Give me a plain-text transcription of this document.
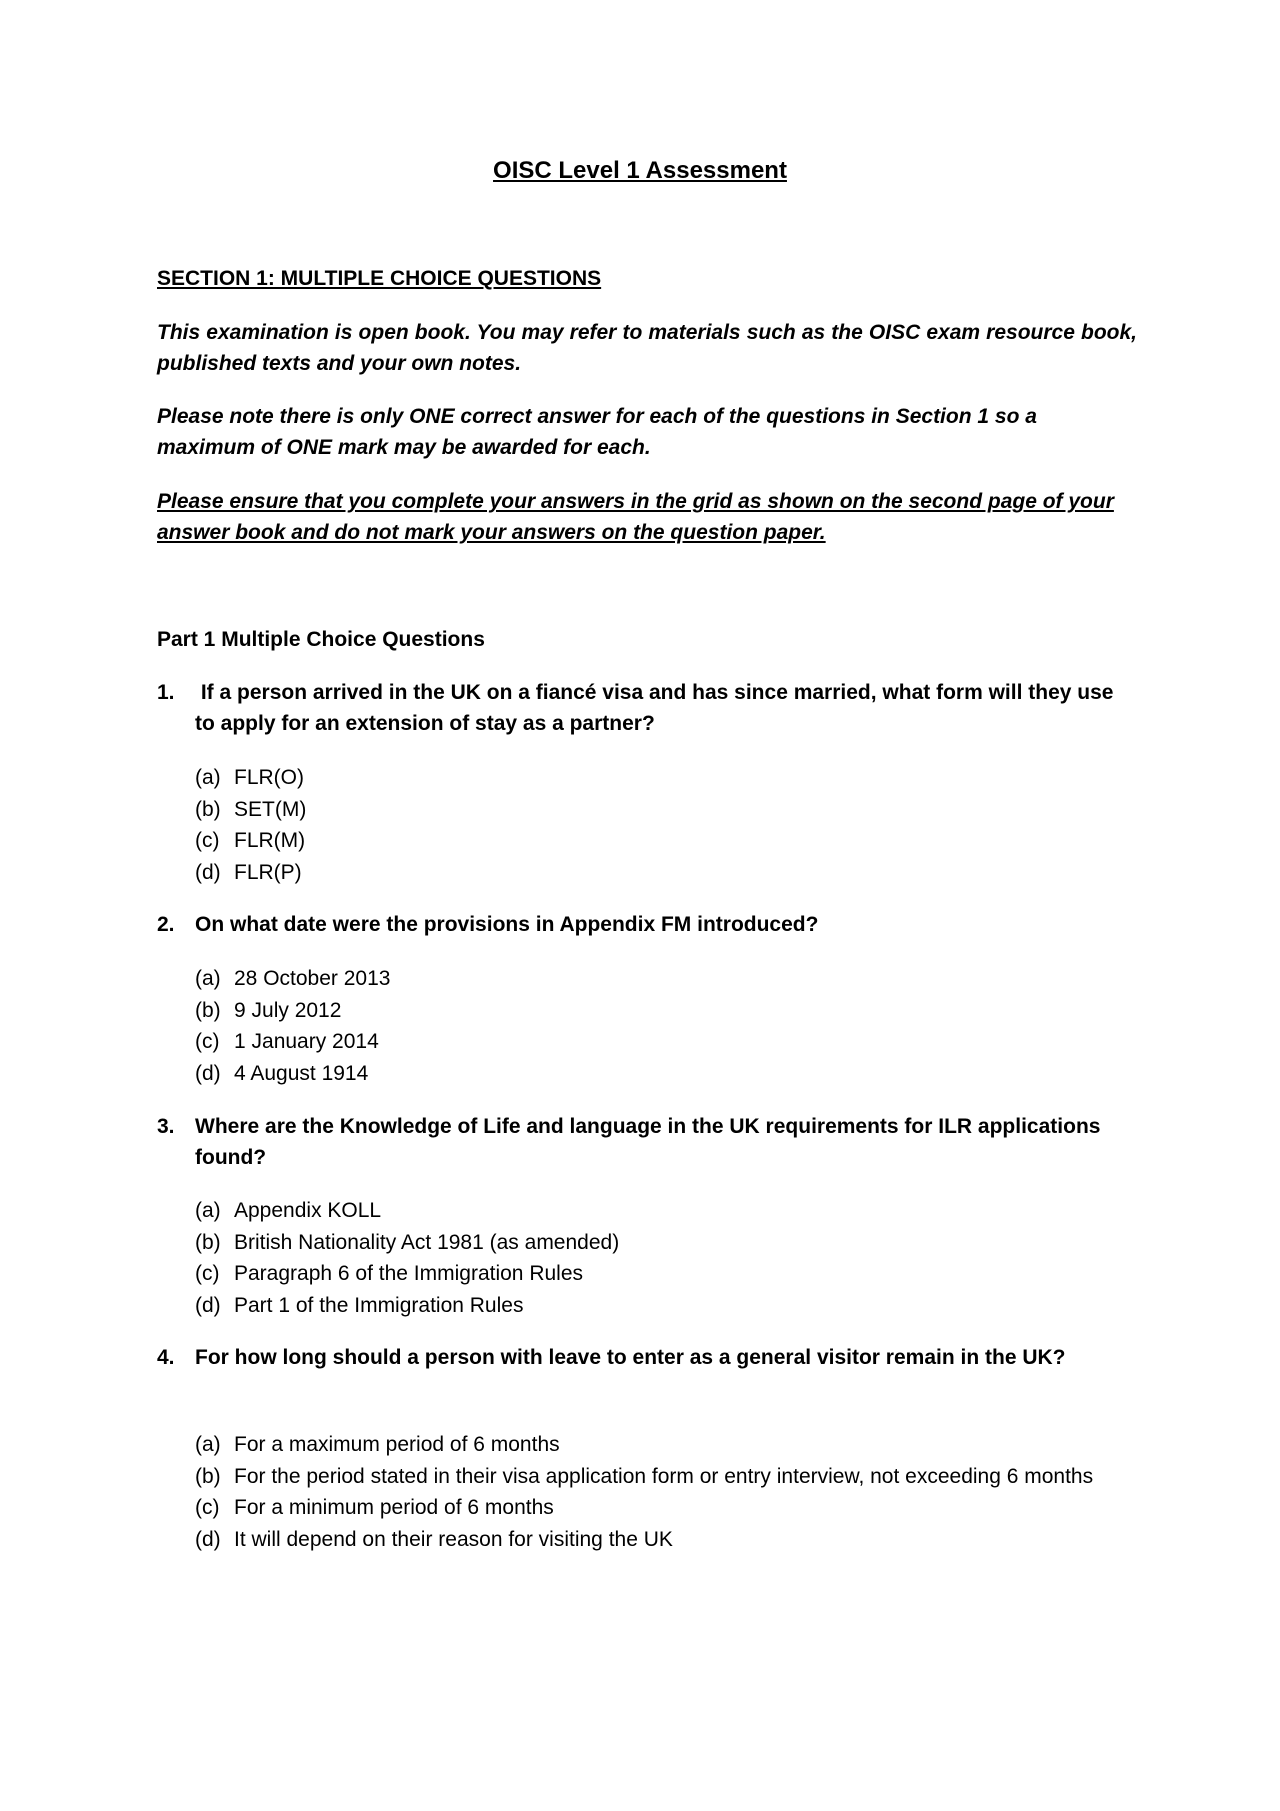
OISC Level 1 Assessment
SECTION 1: MULTIPLE CHOICE QUESTIONS
This examination is open book. You may refer to materials such as the OISC exam resource book, published texts and your own notes.
Please note there is only ONE correct answer for each of the questions in Section 1 so a maximum of ONE mark may be awarded for each.
Please ensure that you complete your answers in the grid as shown on the second page of your answer book and do not mark your answers on the question paper.
Part 1 Multiple Choice Questions
1. If a person arrived in the UK on a fiancé visa and has since married, what form will they use to apply for an extension of stay as a partner?
(a) FLR(O)
(b) SET(M)
(c) FLR(M)
(d) FLR(P)
2. On what date were the provisions in Appendix FM introduced?
(a) 28 October 2013
(b) 9 July 2012
(c) 1 January 2014
(d) 4 August 1914
3. Where are the Knowledge of Life and language in the UK requirements for ILR applications found?
(a) Appendix KOLL
(b) British Nationality Act 1981 (as amended)
(c) Paragraph 6 of the Immigration Rules
(d) Part 1 of the Immigration Rules
4. For how long should a person with leave to enter as a general visitor remain in the UK?
(a) For a maximum period of 6 months
(b) For the period stated in their visa application form or entry interview, not exceeding 6 months
(c) For a minimum period of 6 months
(d) It will depend on their reason for visiting the UK
